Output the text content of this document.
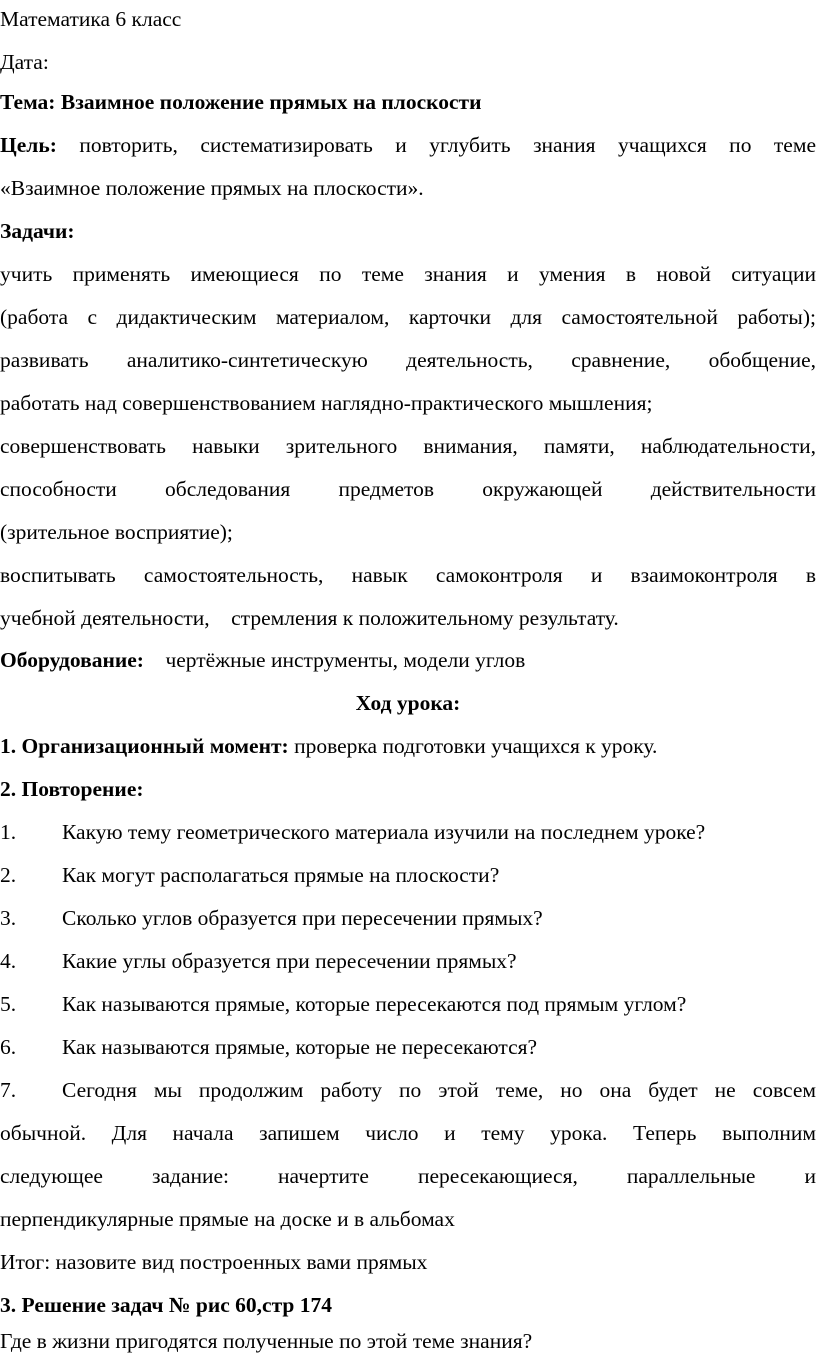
Математика 6 класс
Дата:
Тема: Взаимное положение прямых на плоскости
Цель: повторить, систематизировать и углубить знания учащихся по теме
«Взаимное положение прямых на плоскости».
Задачи:
учить применять имеющиеся по теме знания и умения в новой ситуации
(работа с дидактическим материалом, карточки для самостоятельной работы);
развивать аналитико-синтетическую деятельность, сравнение, обобщение,
работать над совершенствованием наглядно-практического мышления;
совершенствовать навыки зрительного внимания, памяти, наблюдательности,
способности обследования предметов окружающей действительности
(зрительное восприятие);
воспитывать самостоятельность, навык самоконтроля и взаимоконтроля в
учебной деятельности,    стремления к положительному результату.
Оборудование: чертёжные инструменты, модели углов
Ход урока:
1. Организационный момент: проверка подготовки учащихся к уроку.
2. Повторение:
1. Какую тему геометрического материала изучили на последнем уроке?
2. Как могут располагаться прямые на плоскости?
3. Сколько углов образуется при пересечении прямых?
4. Какие углы образуется при пересечении прямых?
5. Как называются прямые, которые пересекаются под прямым углом?
6. Как называются прямые, которые не пересекаются?
7. Сегодня мы продолжим работу по этой теме, но она будет не совсем
обычной. Для начала запишем число и тему урока. Теперь выполним
следующее задание: начертите пересекающиеся, параллельные и
перпендикулярные прямые на доске и в альбомах
Итог: назовите вид построенных вами прямых
3. Решение задач № рис 60,стр 174
Где в жизни пригодятся полученные по этой теме знания?
